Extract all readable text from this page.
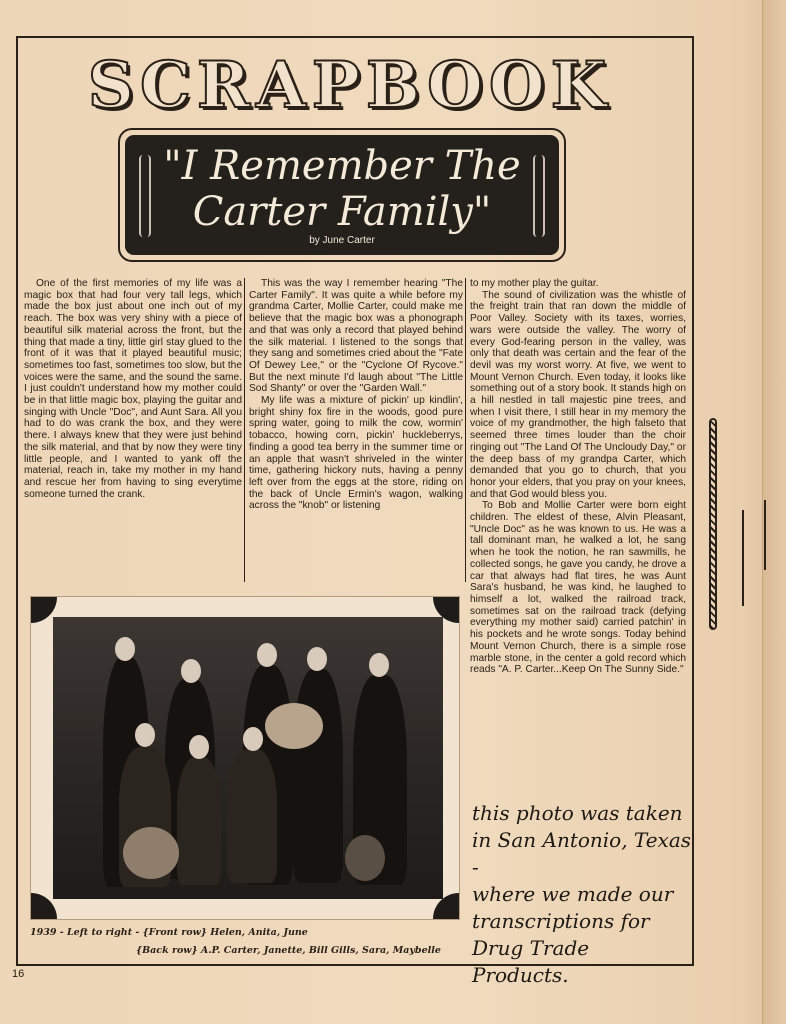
SCRAPBOOK
"I Remember The
Carter Family"
by June Carter

One of the first memories of my life was a magic box that had four very tall legs, which made the box just about one inch out of my reach. The box was very shiny with a piece of beautiful silk material across the front, but the thing that made a tiny, little girl stay glued to the front of it was that it played beautiful music; sometimes too fast, sometimes too slow, but the voices were the same, and the sound the same. I just couldn't understand how my mother could be in that little magic box, playing the guitar and singing with Uncle "Doc", and Aunt Sara. All you had to do was crank the box, and they were there. I always knew that they were just behind the silk material, and that by now they were tiny little people, and I wanted to yank off the material, reach in, take my mother in my hand and rescue her from having to sing everytime someone turned the crank.

This was the way I remember hearing "The Carter Family". It was quite a while before my grandma Carter, Mollie Carter, could make me believe that the magic box was a phonograph and that was only a record that played behind the silk material. I listened to the songs that they sang and sometimes cried about the "Fate Of Dewey Lee," or the "Cyclone Of Rycove." But the next minute I'd laugh about "The Little Sod Shanty" or over the "Garden Wall."

My life was a mixture of pickin' up kindlin', bright shiny fox fire in the woods, good pure spring water, going to milk the cow, wormin' tobacco, howing corn, pickin' huckleberrys, finding a good tea berry in the summer time or an apple that wasn't shriveled in the winter time, gathering hickory nuts, having a penny left over from the eggs at the store, riding on the back of Uncle Ermin's wagon, walking across the "knob" or listening

to my mother play the guitar.

The sound of civilization was the whistle of the freight train that ran down the middle of Poor Valley. Society with its taxes, worries, wars were outside the valley. The worry of every God-fearing person in the valley, was only that death was certain and the fear of the devil was my worst worry. At five, we went to Mount Vernon Church. Even today, it looks like something out of a story book. It stands high on a hill nestled in tall majestic pine trees, and when I visit there, I still hear in my memory the voice of my grandmother, the high falseto that seemed three times louder than the choir ringing out "The Land Of The Uncloudy Day," or the deep bass of my grandpa Carter, which demanded that you go to church, that you honor your elders, that you pray on your knees, and that God would bless you.

To Bob and Mollie Carter were born eight children. The eldest of these, Alvin Pleasant, "Uncle Doc" as he was known to us. He was a tall dominant man, he walked a lot, he sang when he took the notion, he ran sawmills, he collected songs, he gave you candy, he drove a car that always had flat tires, he was Aunt Sara's husband, he was kind, he laughed to himself a lot, walked the railroad track, sometimes sat on the railroad track (defying everything my mother said) carried patchin' in his pockets and he wrote songs. Today behind Mount Vernon Church, there is a simple rose marble stone, in the center a gold record which reads "A. P. Carter...Keep On The Sunny Side."

1939 - Left to right - {Front row} Helen, Anita, June
{Back row} A.P. Carter, Janette, Bill Gills, Sara, Maybelle
this photo was taken
in San Antonio, Texas -
where we made our
transcriptions for
Drug Trade Products.
16
